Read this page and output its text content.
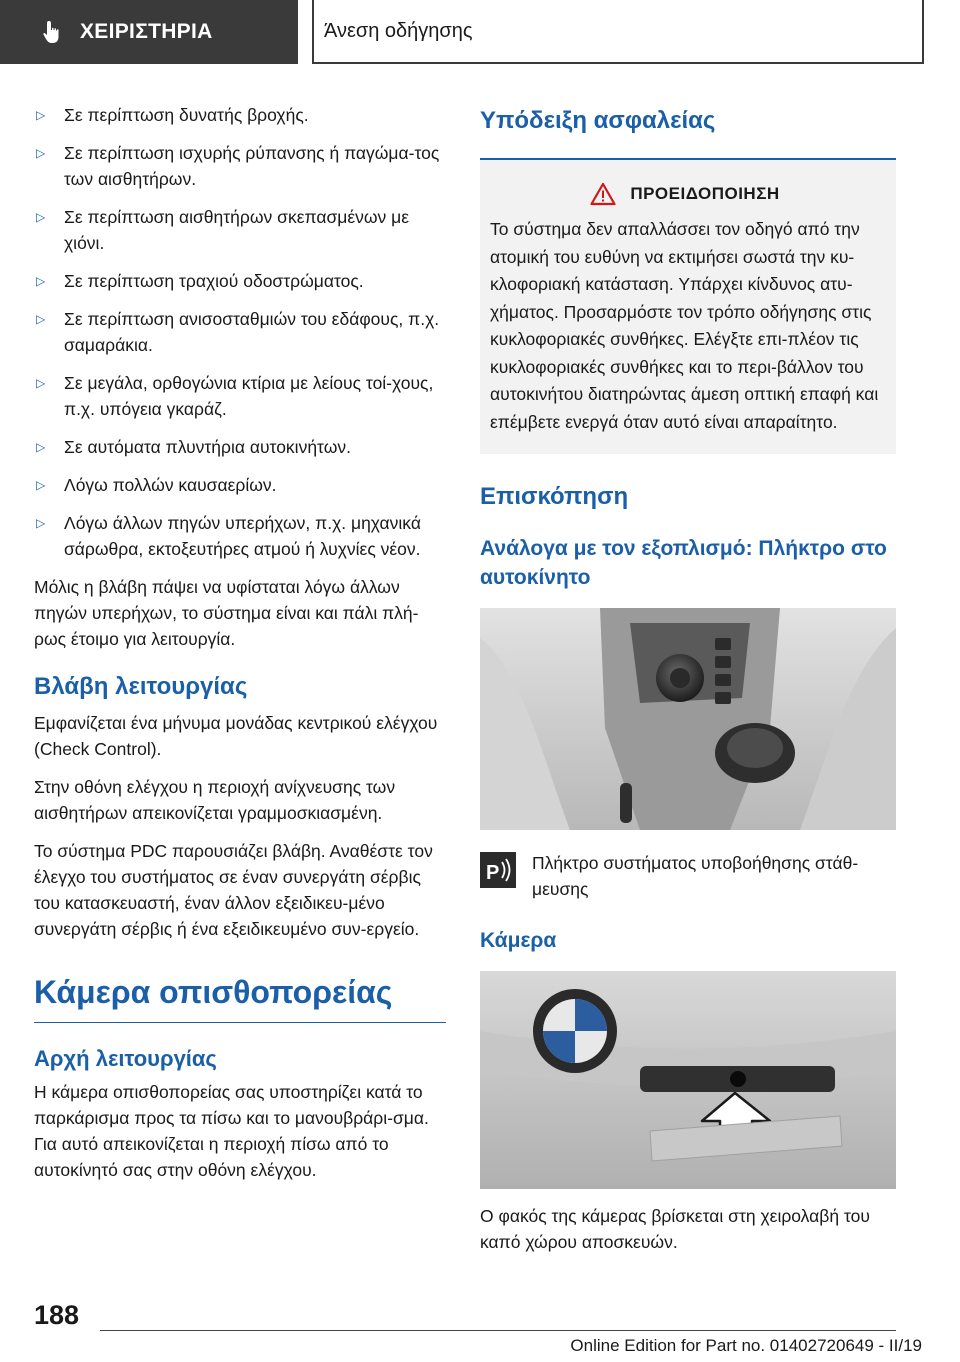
ΧΕΙΡΙΣΤΗΡΙΑ	Άνεση οδήγησης
▷	Σε περίπτωση δυνατής βροχής.
▷	Σε περίπτωση ισχυρής ρύπανσης ή παγώμα-τος των αισθητήρων.
▷	Σε περίπτωση αισθητήρων σκεπασμένων με χιόνι.
▷	Σε περίπτωση τραχιού οδοστρώματος.
▷	Σε περίπτωση ανισοσταθμιών του εδάφους, π.χ. σαμαράκια.
▷	Σε μεγάλα, ορθογώνια κτίρια με λείους τοί-χους, π.χ. υπόγεια γκαράζ.
▷	Σε αυτόματα πλυντήρια αυτοκινήτων.
▷	Λόγω πολλών καυσαερίων.
▷	Λόγω άλλων πηγών υπερήχων, π.χ. μηχανικά σάρωθρα, εκτοξευτήρες ατμού ή λυχνίες νέον.

Μόλις η βλάβη πάψει να υφίσταται λόγω άλλων πηγών υπερήχων, το σύστημα είναι και πάλι πλή-ρως έτοιμο για λειτουργία.

Βλάβη λειτουργίας

Εμφανίζεται ένα μήνυμα μονάδας κεντρικού ελέγχου (Check Control).

Στην οθόνη ελέγχου η περιοχή ανίχνευσης των αισθητήρων απεικονίζεται γραμμοσκιασμένη.

Το σύστημα PDC παρουσιάζει βλάβη. Αναθέστε τον έλεγχο του συστήματος σε έναν συνεργάτη σέρβις του κατασκευαστή, έναν άλλον εξειδικευ-μένο συνεργάτη σέρβις ή ένα εξειδικευμένο συν-εργείο.

Κάμερα οπισθοπορείας
Αρχή λειτουργίας

Η κάμερα οπισθοπορείας σας υποστηρίζει κατά το παρκάρισμα προς τα πίσω και το μανουβράρι-σμα. Για αυτό απεικονίζεται η περιοχή πίσω από το αυτοκίνητό σας στην οθόνη ελέγχου.

Υπόδειξη ασφαλείας
ΠΡΟΕΙΔΟΠΟΙΗΣΗ

Το σύστημα δεν απαλλάσσει τον οδηγό από την ατομική του ευθύνη να εκτιμήσει σωστά την κυ-κλοφοριακή κατάσταση. Υπάρχει κίνδυνος ατυ-χήματος. Προσαρμόστε τον τρόπο οδήγησης στις κυκλοφοριακές συνθήκες. Ελέγξτε επι-πλέον τις κυκλοφοριακές συνθήκες και το περι-βάλλον του αυτοκινήτου διατηρώντας άμεση οπτική επαφή και επέμβετε ενεργά όταν αυτό είναι απαραίτητο.

Επισκόπηση
Ανάλογα με τον εξοπλισμό: Πλήκτρο στο αυτοκίνητο
P Πλήκτρο συστήματος υποβοήθησης στάθ-μευσης
Κάμερα

Ο φακός της κάμερας βρίσκεται στη χειρολαβή του καπό χώρου αποσκευών.

188
Online Edition for Part no. 01402720649 - II/19
